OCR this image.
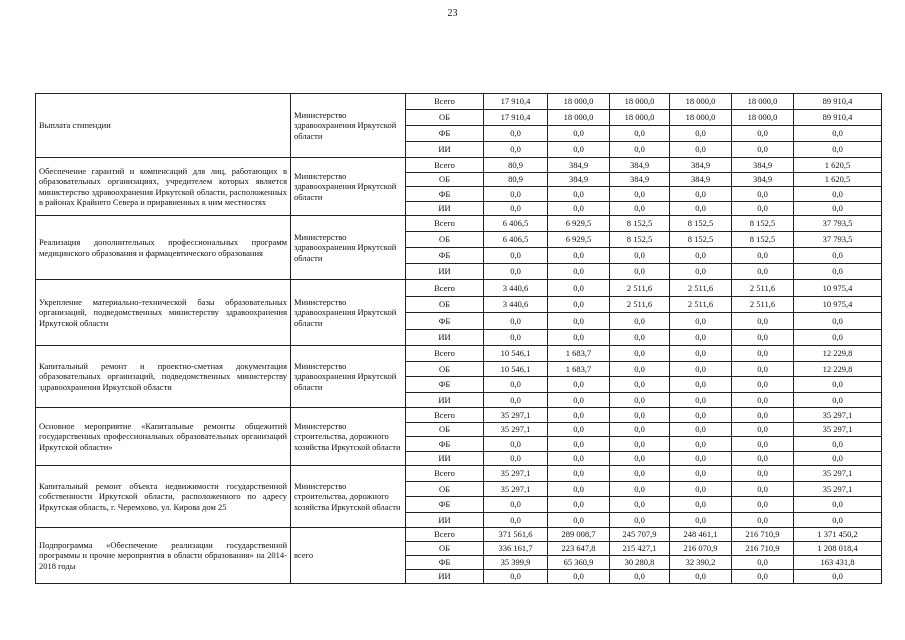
23
Выплата стипендии	Министерство здравоохранения Иркутской области	Всего	17 910,4	18 000,0	18 000,0	18 000,0	18 000,0	89 910,4
		ОБ	17 910,4	18 000,0	18 000,0	18 000,0	18 000,0	89 910,4
		ФБ	0,0	0,0	0,0	0,0	0,0	0,0
		ИИ	0,0	0,0	0,0	0,0	0,0	0,0
Обеспечение гарантий и компенсаций для лиц, работающих в образовательных организациях, учредителем которых является министерство здравоохранения Иркутской области, расположенных в районах Крайнего Севера и приравненных к ним местностях	Министерство здравоохранения Иркутской области	Всего	80,9	384,9	384,9	384,9	384,9	1 620,5
		ОБ	80,9	384,9	384,9	384,9	384,9	1 620,5
		ФБ	0,0	0,0	0,0	0,0	0,0	0,0
		ИИ	0,0	0,0	0,0	0,0	0,0	0,0
Реализация дополнительных профессиональных программ медицинского образования и фармацевтического образования	Министерство здравоохранения Иркутской области	Всего	6 406,5	6 929,5	8 152,5	8 152,5	8 152,5	37 793,5
		ОБ	6 406,5	6 929,5	8 152,5	8 152,5	8 152,5	37 793,5
		ФБ	0,0	0,0	0,0	0,0	0,0	0,0
		ИИ	0,0	0,0	0,0	0,0	0,0	0,0
Укрепление материально-технической базы образовательных организаций, подведомственных министерству здравоохранения Иркутской области	Министерство здравоохранения Иркутской области	Всего	3 440,6	0,0	2 511,6	2 511,6	2 511,6	10 975,4
		ОБ	3 440,6	0,0	2 511,6	2 511,6	2 511,6	10 975,4
		ФБ	0,0	0,0	0,0	0,0	0,0	0,0
		ИИ	0,0	0,0	0,0	0,0	0,0	0,0
Капитальный ремонт и проектно-сметная документация образовательных организаций, подведомственных министерству здравоохранения Иркутской области	Министерство здравоохранения Иркутской области	Всего	10 546,1	1 683,7	0,0	0,0	0,0	12 229,8
		ОБ	10 546,1	1 683,7	0,0	0,0	0,0	12 229,8
		ФБ	0,0	0,0	0,0	0,0	0,0	0,0
		ИИ	0,0	0,0	0,0	0,0	0,0	0,0
Основное мероприятие «Капитальные ремонты общежитий государственных профессиональных образовательных организаций Иркутской области»	Министерство строительства, дорожного хозяйства Иркутской области	Всего	35 297,1	0,0	0,0	0,0	0,0	35 297,1
		ОБ	35 297,1	0,0	0,0	0,0	0,0	35 297,1
		ФБ	0,0	0,0	0,0	0,0	0,0	0,0
		ИИ	0,0	0,0	0,0	0,0	0,0	0,0
Капитальный ремонт объекта недвижимости государственной собственности Иркутской области, расположенного по адресу Иркутская область, г. Черемхово, ул. Кирова дом 25	Министерство строительства, дорожного хозяйства Иркутской области	Всего	35 297,1	0,0	0,0	0,0	0,0	35 297,1
		ОБ	35 297,1	0,0	0,0	0,0	0,0	35 297,1
		ФБ	0,0	0,0	0,0	0,0	0,0	0,0
		ИИ	0,0	0,0	0,0	0,0	0,0	0,0
Подпрограмма «Обеспечение реализации государственной программы и прочие мероприятия в области образования» на 2014-2018 годы	всего	Всего	371 561,6	289 008,7	245 707,9	248 461,1	216 710,9	1 371 450,2
		ОБ	336 161,7	223 647,8	215 427,1	216 070,9	216 710,9	1 208 018,4
		ФБ	35 399,9	65 360,9	30 280,8	32 390,2	0,0	163 431,8
		ИИ	0,0	0,0	0,0	0,0	0,0	0,0
